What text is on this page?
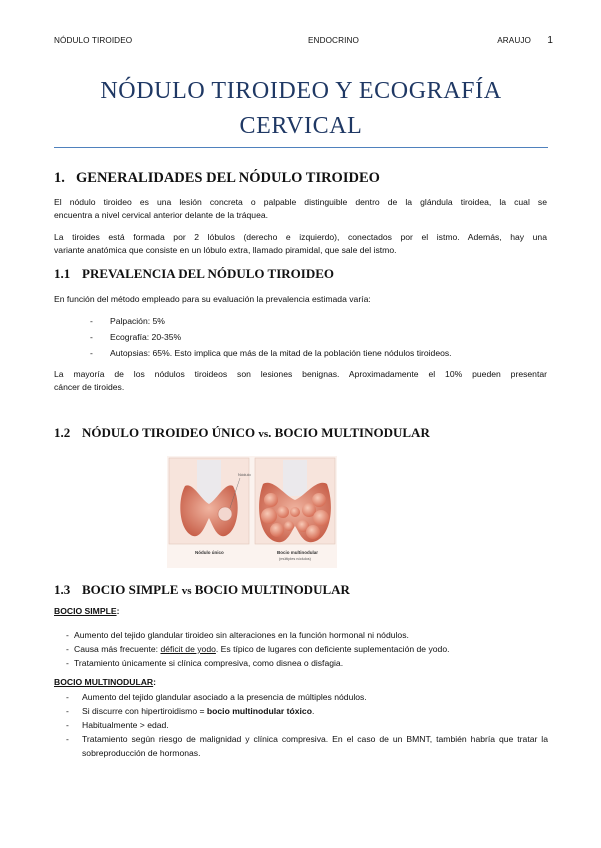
NÓDULO TIROIDEO	ENDOCRINO	ARAUJO 1
NÓDULO TIROIDEO Y ECOGRAFÍA
CERVICAL
1. GENERALIDADES DEL NÓDULO TIROIDEO
El nódulo tiroideo es una lesión concreta o palpable distinguible dentro de la glándula tiroidea, la cual se
encuentra a nivel cervical anterior delante de la tráquea.
La tiroides está formada por 2 lóbulos (derecho e izquierdo), conectados por el istmo. Además, hay una
variante anatómica que consiste en un lóbulo extra, llamado piramidal, que sale del istmo.
1.1 PREVALENCIA DEL NÓDULO TIROIDEO
En función del método empleado para su evaluación la prevalencia estimada varía:
- Palpación: 5%
- Ecografía: 20-35%
- Autopsias: 65%. Esto implica que más de la mitad de la población tiene nódulos tiroideos.
La mayoría de los nódulos tiroideos son lesiones benignas. Aproximadamente el 10% pueden presentar
cáncer de tiroides.
1.2 NÓDULO TIROIDEO ÚNICO vs. BOCIO MULTINODULAR
Nódulo
Nódulo único	Bocio multinodular
(múltiples nódulos)
1.3 BOCIO SIMPLE vs BOCIO MULTINODULAR
BOCIO SIMPLE:
- Aumento del tejido glandular tiroideo sin alteraciones en la función hormonal ni nódulos.
- Causa más frecuente: déficit de yodo. Es típico de lugares con deficiente suplementación de yodo.
- Tratamiento únicamente si clínica compresiva, como disnea o disfagia.
BOCIO MULTINODULAR:
- Aumento del tejido glandular asociado a la presencia de múltiples nódulos.
- Si discurre con hipertiroidismo = bocio multinodular tóxico.
- Habitualmente > edad.
- Tratamiento según riesgo de malignidad y clínica compresiva. En el caso de un BMNT, también habría que tratar la sobreproducción de hormonas.
